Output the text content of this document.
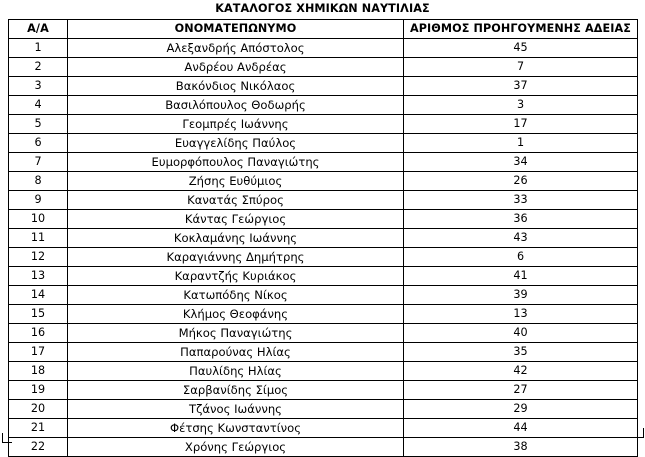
ΚΑΤΑΛΟΓΟΣ ΧΗΜΙΚΩΝ ΝΑΥΤΙΛΙΑΣ
Α/Α	ΟΝΟΜΑΤΕΠΩΝΥΜΟ	ΑΡΙΘΜΟΣ ΠΡΟΗΓΟΥΜΕΝΗΣ ΑΔΕΙΑΣ
1	Αλεξανδρής Απόστολος	45
2	Ανδρέου Ανδρέας	7
3	Βακόνδιος Νικόλαος	37
4	Βασιλόπουλος Θοδωρής	3
5	Γεομπρές Ιωάννης	17
6	Ευαγγελίδης Παύλος	1
7	Ευμορφόπουλος Παναγιώτης	34
8	Ζήσης Ευθύμιος	26
9	Κανατάς Σπύρος	33
10	Κάντας Γεώργιος	36
11	Κοκλαμάνης Ιωάννης	43
12	Καραγιάννης Δημήτρης	6
13	Καραντζής Κυριάκος	41
14	Κατωπόδης Νίκος	39
15	Κλήμος Θεοφάνης	13
16	Μήκος Παναγιώτης	40
17	Παπαρούνας Ηλίας	35
18	Παυλίδης Ηλίας	42
19	Σαρβανίδης Σίμος	27
20	Τζάνος Ιωάννης	29
21	Φέτσης Κωνσταντίνος	44
22	Χρόνης Γεώργιος	38
